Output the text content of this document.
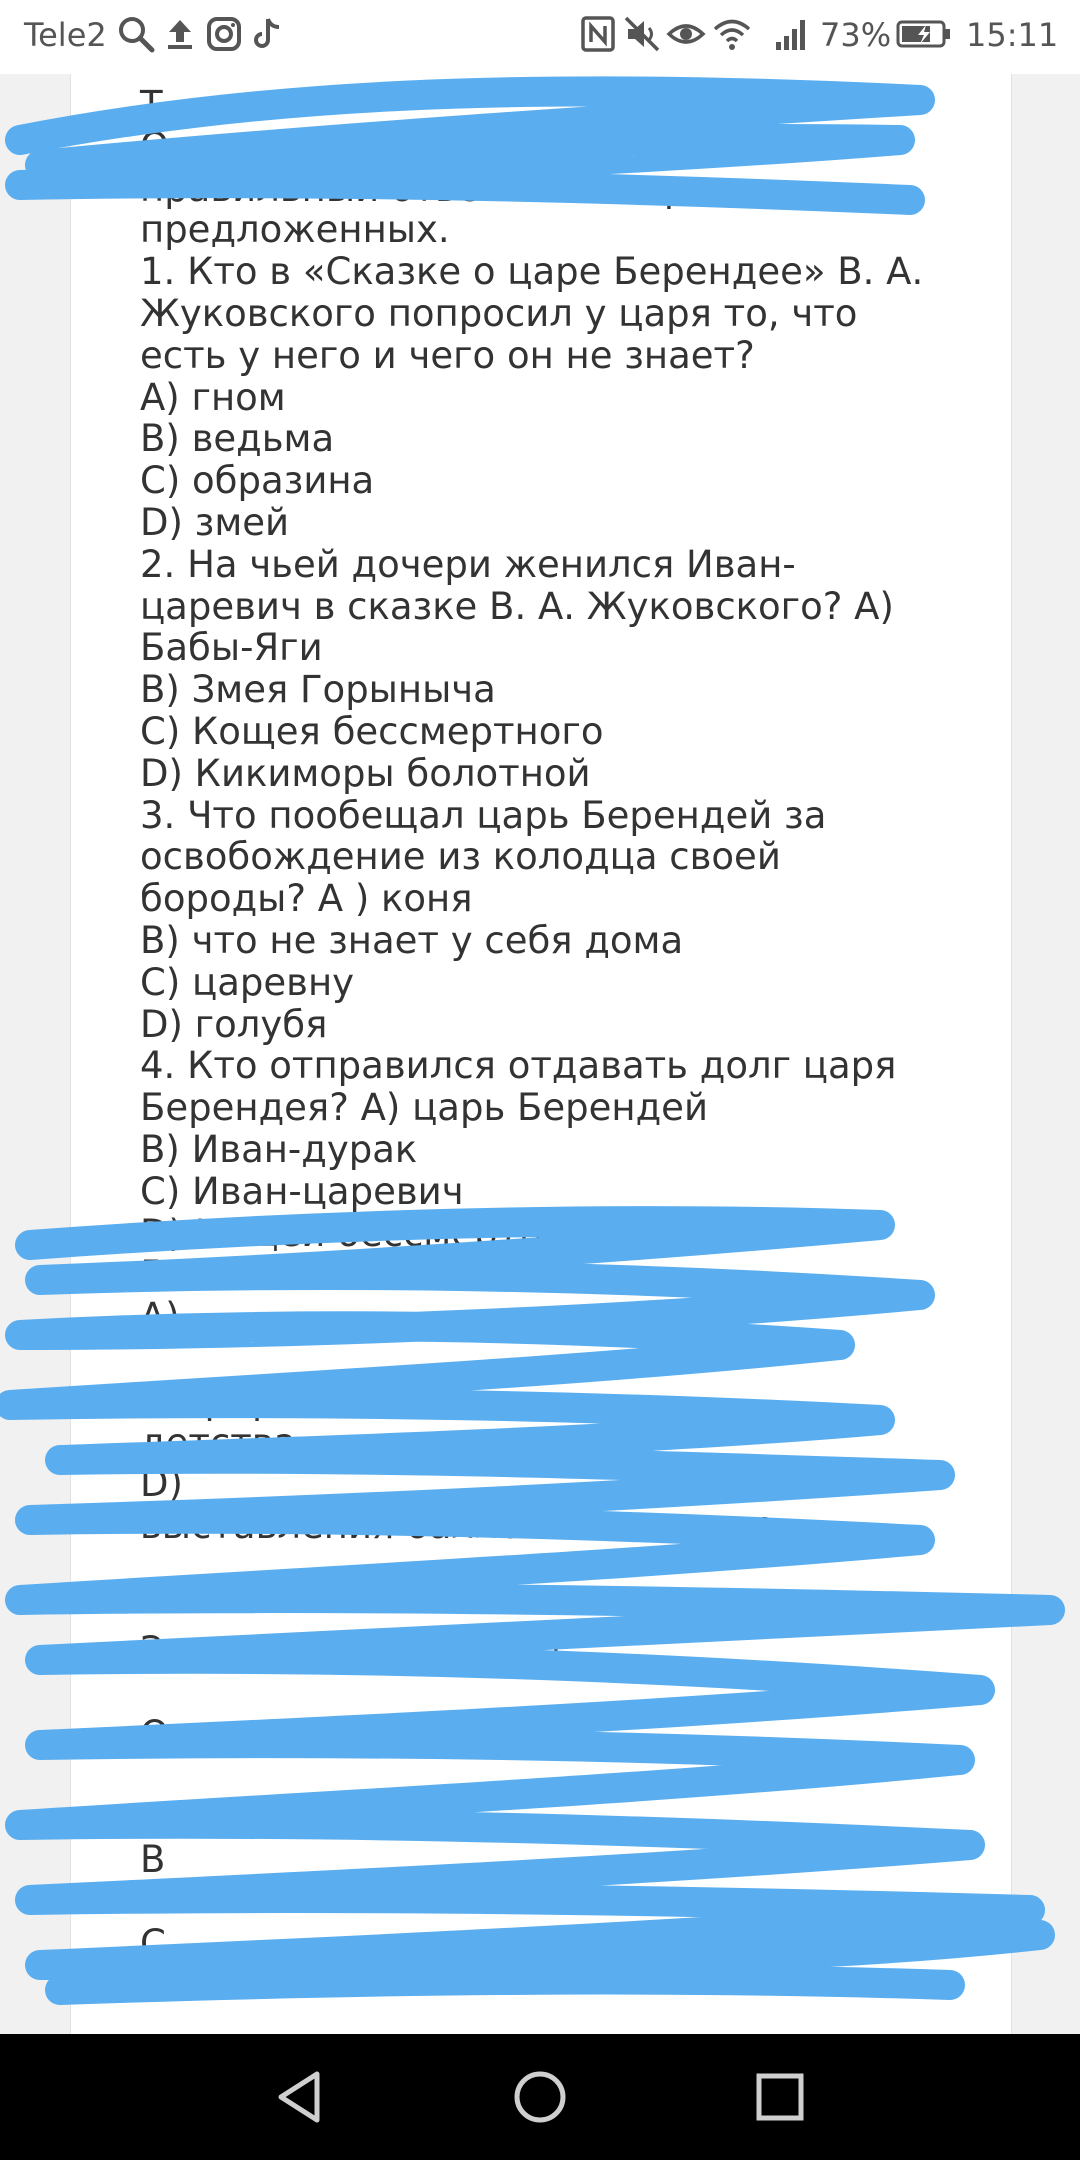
Tele2	73% 15:11
Т
Отвечая на вопросы выбирая 1
правильный ответ из четырех
предложенных.
1. Кто в «Сказке о царе Берендее» В. А.
Жуковского попросил у царя то, что
есть у него и чего он не знает?
A) гном
B) ведьма
C) образина
D) змей
2. На чьей дочери женился Иван-
царевич в сказке В. А. Жуковского? A)
Бабы-Яги
B) Змея Горыныча
C) Кощея бессмертного
D) Кикиморы болотной
3. Что пообещал царь Берендей за
освобождение из колодца своей
бороды? А ) коня
B) что не знает у себя дома
C) царевну
D) голубя
4. Кто отправился отдавать долг царя
Берендея? A) царь Берендей
B) Иван-дурак
C) Иван-царевич
D) Кощей бессмертный
5. О зки о
A)
D природы
детства
D)
выставления баллов Понимание
За каждый ный ответ
Ответ Общий
B
C
D
